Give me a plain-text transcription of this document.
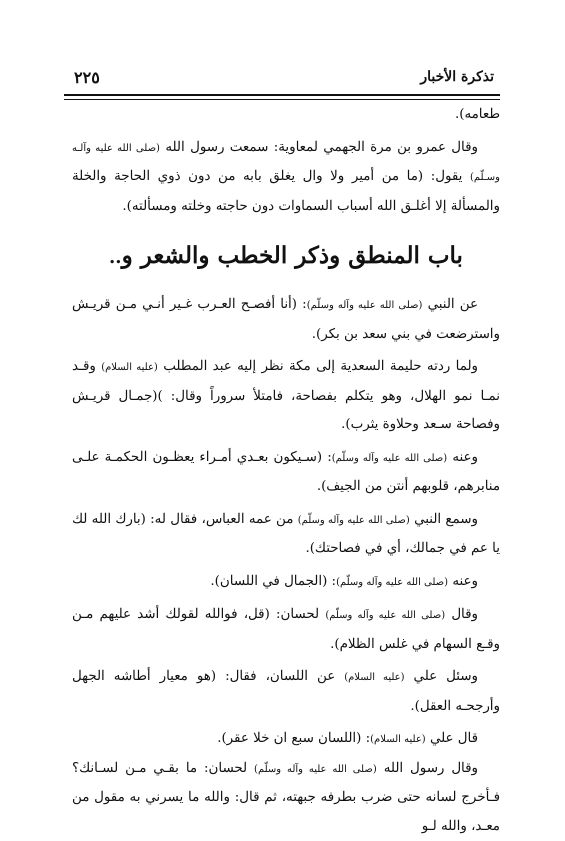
تذكرة الأخبار
٢٢٥

طعامه).

وقال عمرو بن مرة الجهمي لمعاوية: سمعت رسول الله (صلى الله عليه وآلـه وسـلّم) يقول: (ما من أمير ولا وال يغلق بابه من دون ذوي الحاجة والخلة والمسألة إلا أغلـق الله أسباب السماوات دون حاجته وخلته ومسألته).

باب المنطق وذكر الخطب والشعر و..

عن النبي (صلى الله عليه وآله وسلّم): (أنا أفصـح العـرب غـير أنـي مـن قريـش واسترضعت في بني سعد بن بكر).

ولما ردته حليمة السعدية إلى مكة نظر إليه عبد المطلب (عليه السلام) وقـد نمـا نمو الهلال، وهو يتكلم بفصاحة، فامتلأ سروراً وقال: )(جمـال قريـش وفصاحة سـعد وحلاوة يثرب).

وعنه (صلى الله عليه وآله وسلّم): (سـيكون بعـدي أمـراء يعظـون الحكمـة علـى منابرهم، قلوبهم أنتن من الجيف).

وسمع النبي (صلى الله عليه وآله وسلّم) من عمه العباس، فقال له: (بارك الله لك يا عم في جمالك، أي في فصاحتك).

وعنه (صلى الله عليه وآله وسلّم): (الجمال في اللسان).

وقال (صلى الله عليه وآله وسلّم) لحسان: (قل، فوالله لقولك أشد عليهم مـن وقـع السهام في غلس الظلام).

وسئل علي (عليه السلام) عن اللسان، فقال: (هو معيار أطاشه الجهل وأرجحـه العقل).

قال علي (عليه السلام): (اللسان سبع ان خلا عقر).

وقال رسول الله (صلى الله عليه وآله وسلّم) لحسان: ما بقـي مـن لسـانك؟ فـأخرج لسانه حتى ضرب بطرفه جبهته، ثم قال: والله ما يسرني به مقول من معـد، والله لـو
